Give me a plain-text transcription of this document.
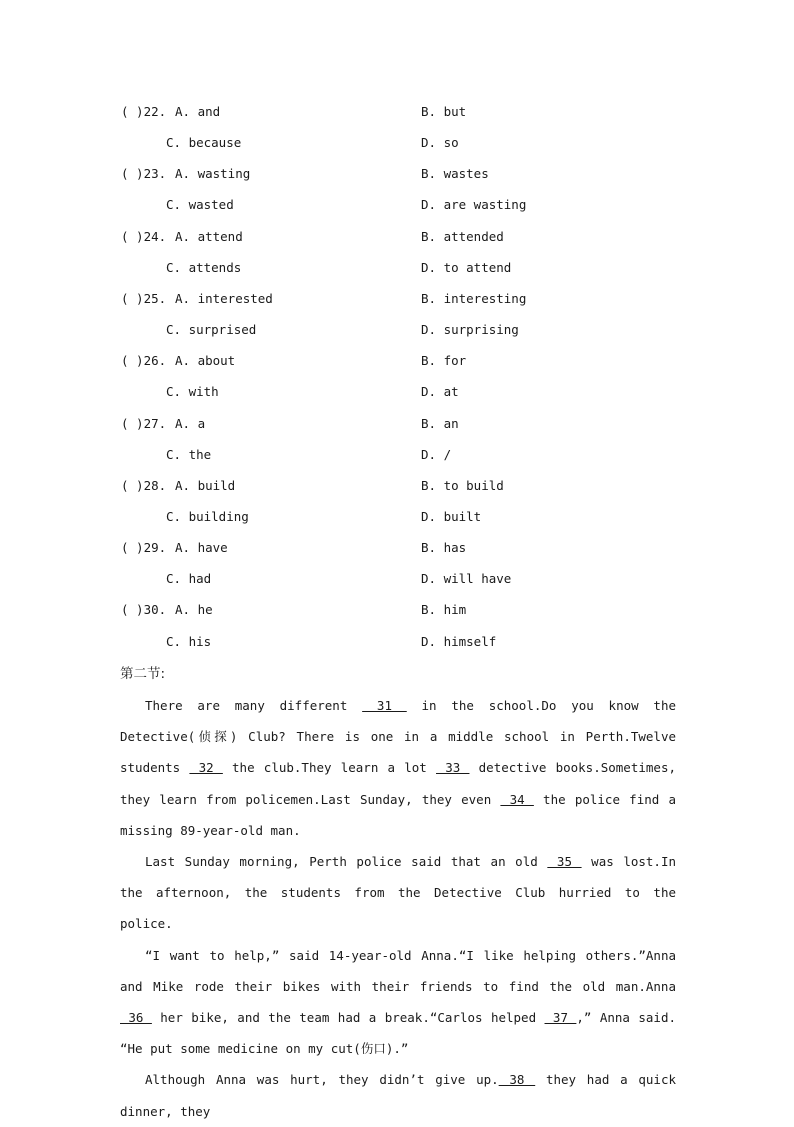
( )22. A. and	B. but
C. because	D. so
( )23. A. wasting	B. wastes
C. wasted	D. are wasting
( )24. A. attend	B. attended
C. attends	D. to attend
( )25. A. interested	B. interesting
C. surprised	D. surprising
( )26. A. about	B. for
C. with	D. at
( )27. A. a	B. an
C. the	D. /
( )28. A. build	B. to build
C. building	D. built
( )29. A. have	B. has
C. had	D. will have
( )30. A. he	B. him
C. his	D. himself
第二节:

There are many different  31  in the school.Do you know the Detective(侦探) Club? There is one in a middle school in Perth.Twelve students  32  the club.They learn a lot  33  detective books.Sometimes, they learn from policemen.Last Sunday, they even  34  the police find a missing 89-year-old man.

Last Sunday morning, Perth police said that an old  35  was lost.In the afternoon, the students from the Detective Club hurried to the police.

“I want to help,” said 14-year-old Anna.“I like helping others.”Anna and Mike rode their bikes with their friends to find the old man.Anna  36  her bike, and the team had a break.“Carlos helped  37 ,” Anna said. “He put some medicine on my cut(伤口).”

Although Anna was hurt, they didn’t give up. 38  they had a quick dinner, they
